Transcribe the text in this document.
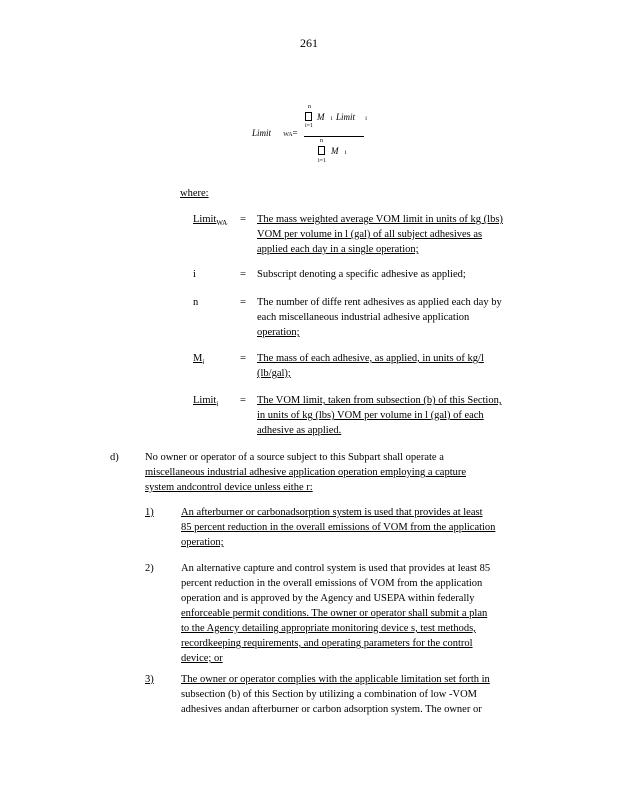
261
Limit WA =
n
i=1
M i Limit i
n
i=1
M i
where:
Limit$_{WA}$ = The mass weighted average VOM limit in units of kg (lbs)
VOM per volume in l (gal) of all subject adhesives as
applied each day in a single operation;
i	= Subscript denoting a specific adhesive as applied;
n	= The number of diffe rent adhesives as applied each day by
each miscellaneous industrial adhesive application
operation;
$M_i$	= The mass of each adhesive, as applied, in units of kg/l
(lb/gal);
Limit$_i$ = The VOM limit, taken from subsection (b) of this Section,
in units of kg (lbs) VOM per volume in l (gal) of each
adhesive as applied.
d)	No owner or operator of a source subject to this Subpart shall operate a
miscellaneous industrial adhesive application operation employing a capture
system andcontrol device unless eithe r:
1)	An afterburner or carbonadsorption system is used that provides at least
85 percent reduction in the overall emissions of VOM from the application
operation;
2)	An alternative capture and control system is used that provides at least 85
percent reduction in the overall emissions of VOM from the application
operation and is approved by the Agency and USEPA within federally
enforceable permit conditions. The owner or operator shall submit a plan
to the Agency detailing appropriate monitoring device s, test methods,
recordkeeping requirements, and operating parameters for the control
device; or
3)	The owner or operator complies with the applicable limitation set forth in
subsection (b) of this Section by utilizing a combination of low -VOM
adhesives andan afterburner or carbon adsorption system. The owner or
